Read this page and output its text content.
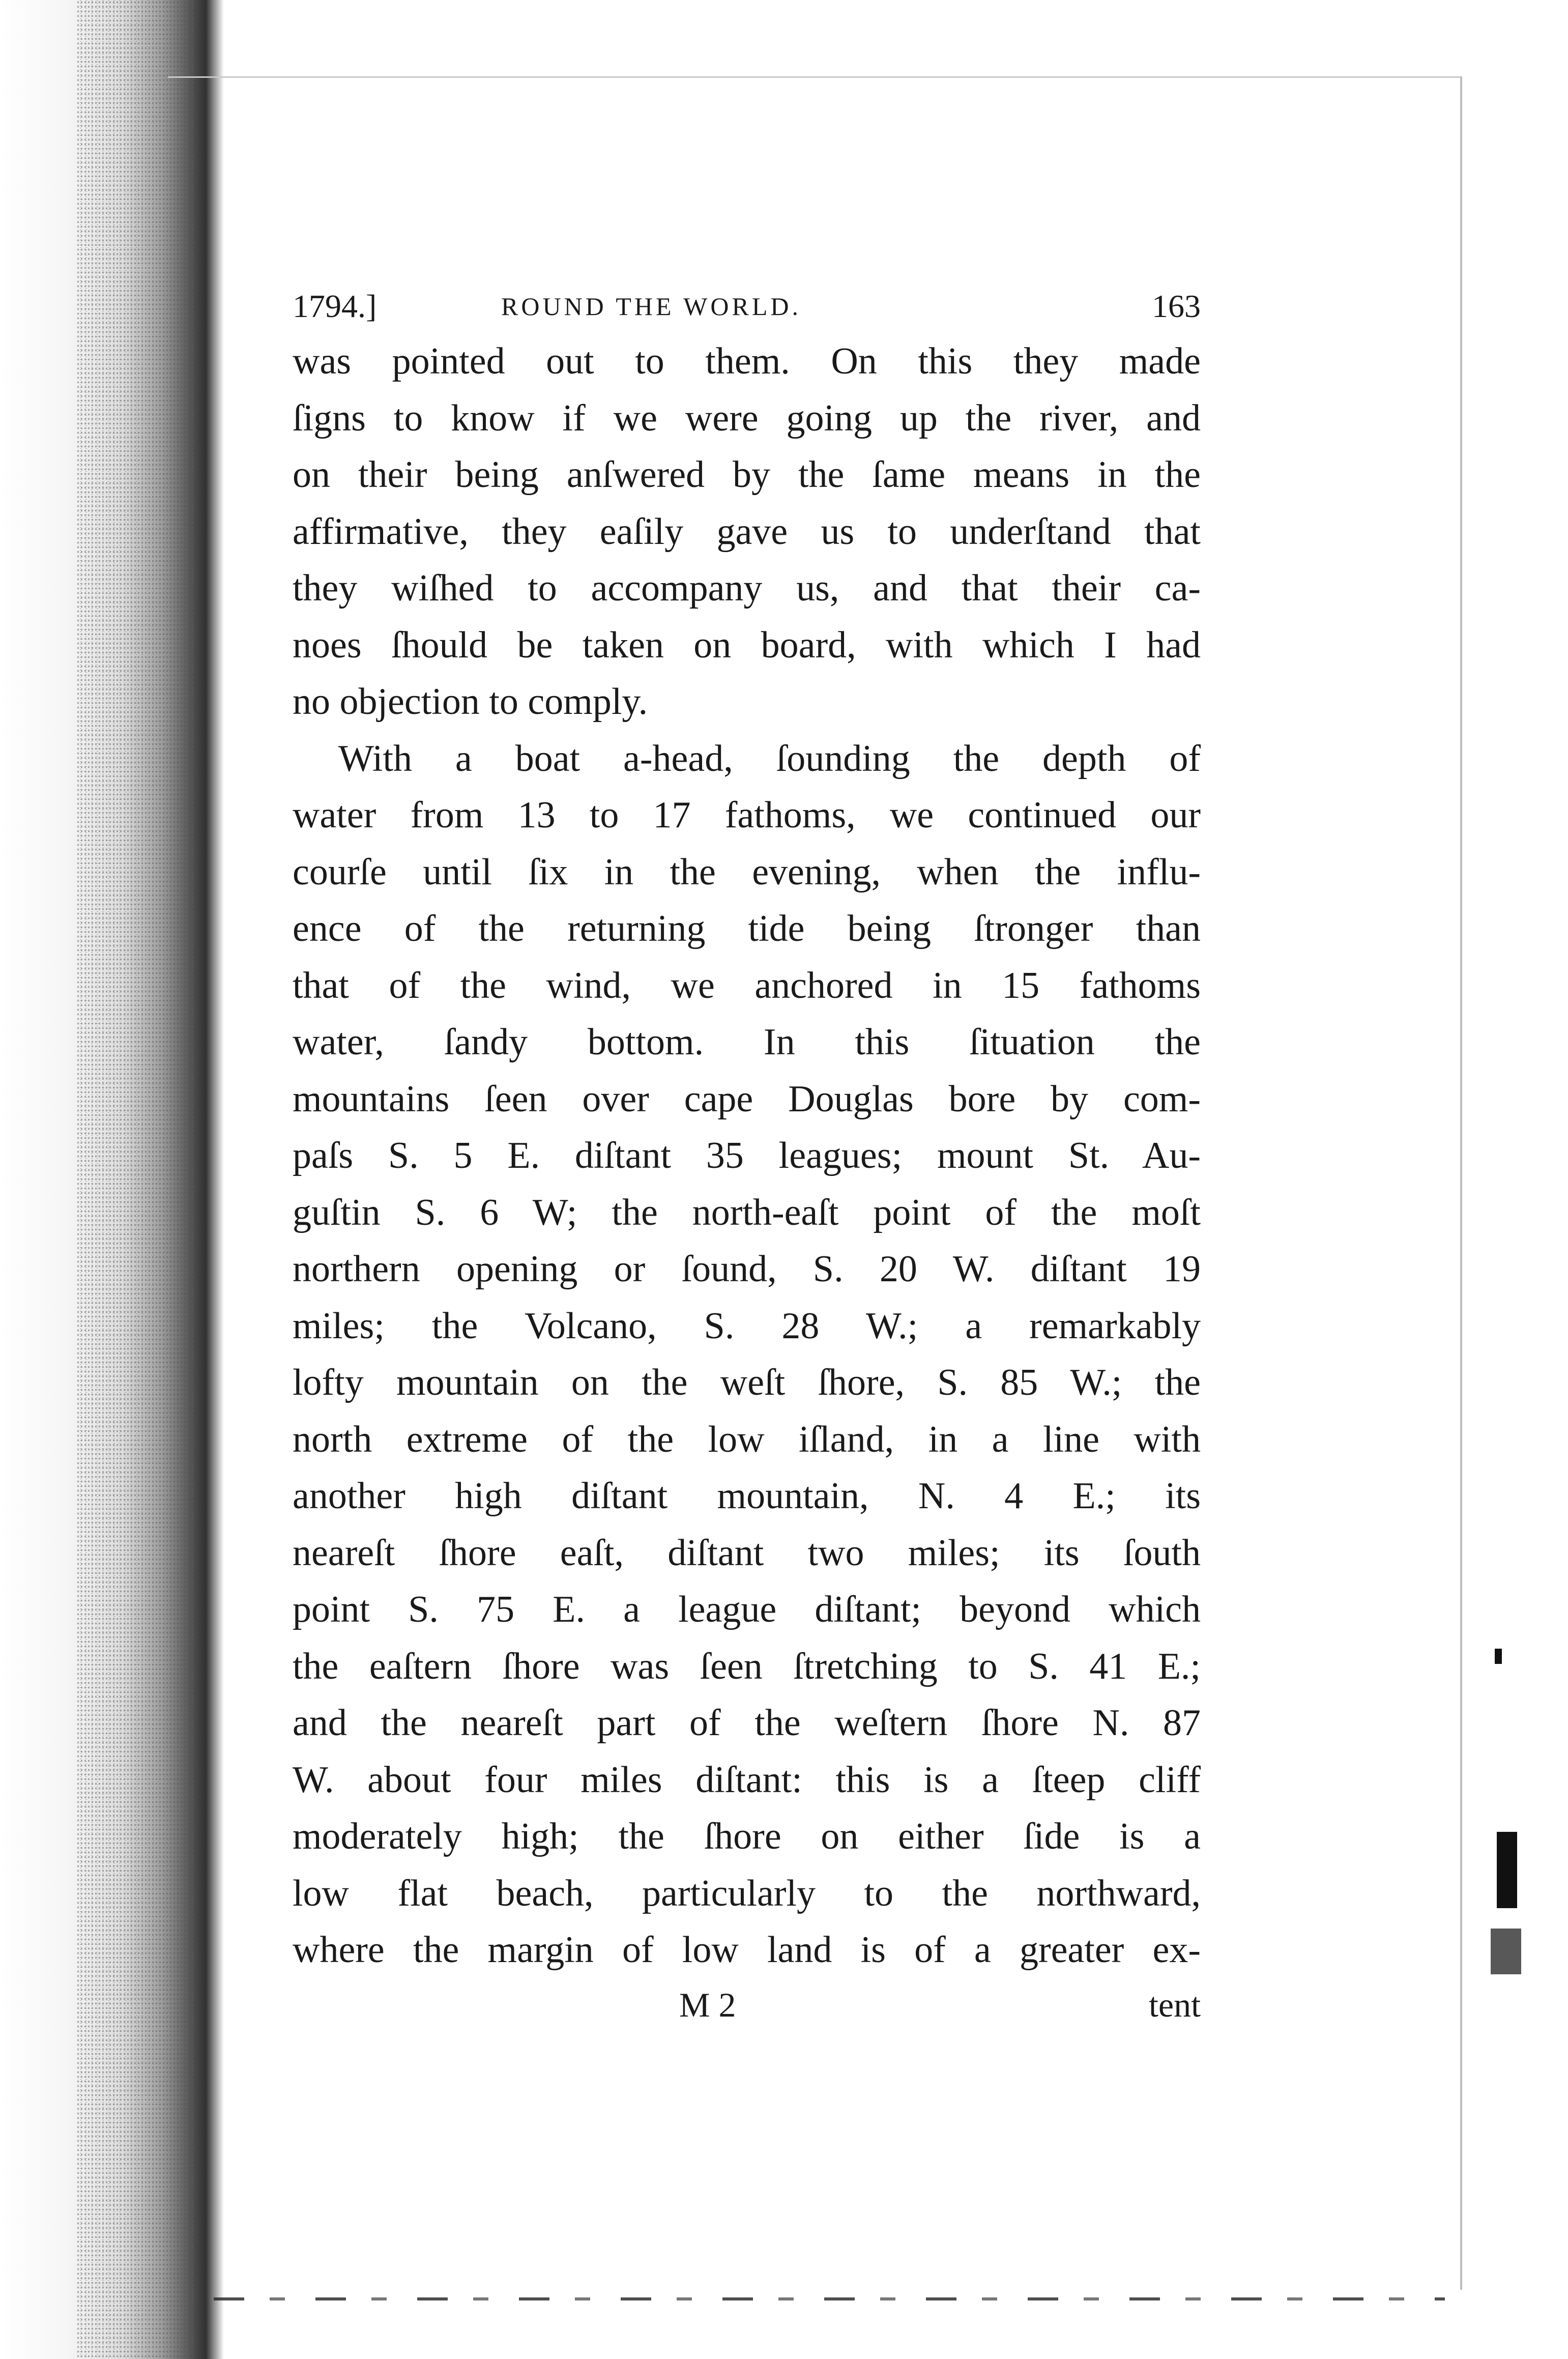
1794.]	ROUND THE WORLD.	163
was pointed out to them. On this they made
ſigns to know if we were going up the river, and
on their being anſwered by the ſame means in the
affirmative, they eaſily gave us to underſtand that
they wiſhed to accompany us, and that their ca-
noes ſhould be taken on board, with which I had
no objection to comply.
With a boat a-head, ſounding the depth of
water from 13 to 17 fathoms, we continued our
courſe until ſix in the evening, when the influ-
ence of the returning tide being ſtronger than
that of the wind, we anchored in 15 fathoms
water, ſandy bottom. In this ſituation the
mountains ſeen over cape Douglas bore by com-
paſs S. 5 E. diſtant 35 leagues; mount St. Au-
guſtin S. 6 W; the north-eaſt point of the moſt
northern opening or ſound, S. 20 W. diſtant 19
miles; the Volcano, S. 28 W.; a remarkably
lofty mountain on the weſt ſhore, S. 85 W.; the
north extreme of the low iſland, in a line with
another high diſtant mountain, N. 4 E.; its
neareſt ſhore eaſt, diſtant two miles; its ſouth
point S. 75 E. a league diſtant; beyond which
the eaſtern ſhore was ſeen ſtretching to S. 41 E.;
and the neareſt part of the weſtern ſhore N. 87
W. about four miles diſtant: this is a ſteep cliff
moderately high; the ſhore on either ſide is a
low flat beach, particularly to the northward,
where the margin of low land is of a greater ex-
M 2	tent
